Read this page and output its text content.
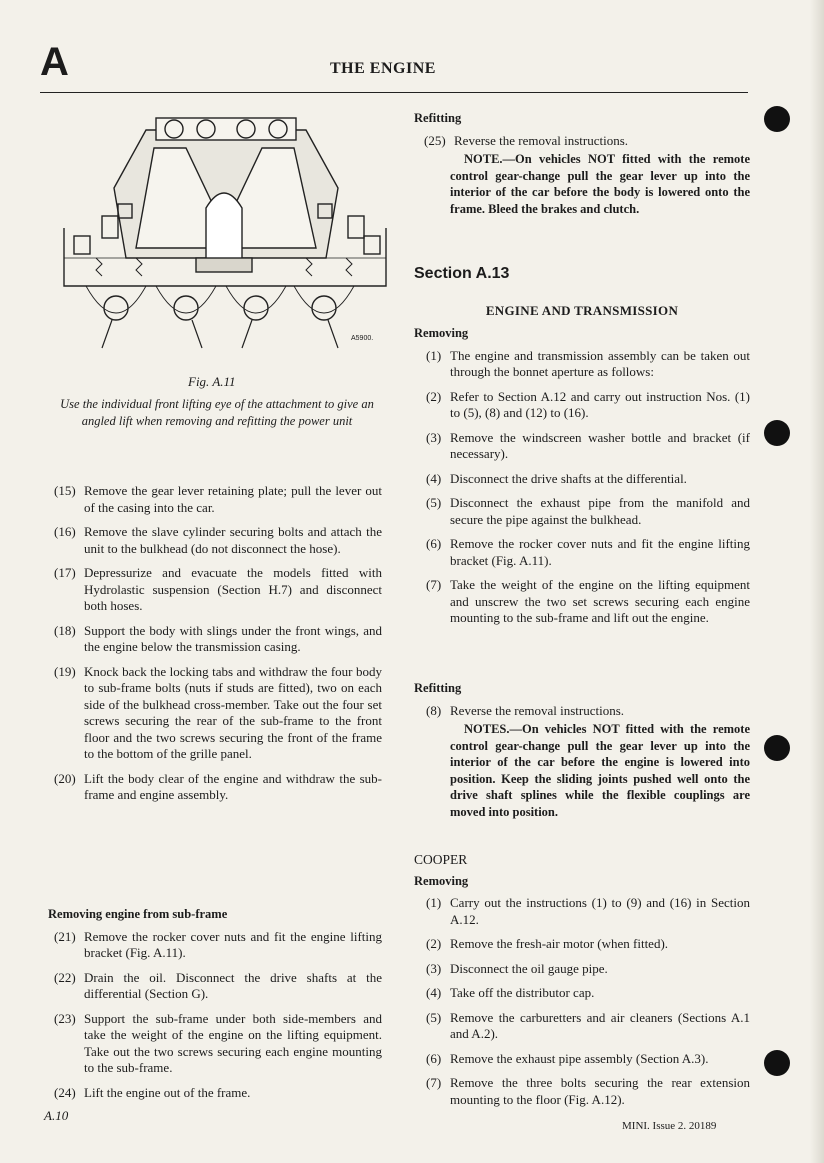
A	THE ENGINE
A5900.
Fig. A.11
Use the individual front lifting eye of the attachment to give an angled lift when removing and refitting the power unit
(15) Remove the gear lever retaining plate; pull the lever out of the casing into the car.
(16) Remove the slave cylinder securing bolts and attach the unit to the bulkhead (do not disconnect the hose).
(17) Depressurize and evacuate the models fitted with Hydrolastic suspension (Section H.7) and disconnect both hoses.
(18) Support the body with slings under the front wings, and the engine below the transmission casing.
(19) Knock back the locking tabs and withdraw the four body to sub-frame bolts (nuts if studs are fitted), two on each side of the bulkhead cross-member. Take out the four set screws securing the rear of the sub-frame to the front floor and the two screws securing the front of the frame to the bottom of the grille panel.
(20) Lift the body clear of the engine and withdraw the sub-frame and engine assembly.
Removing engine from sub-frame
(21) Remove the rocker cover nuts and fit the engine lifting bracket (Fig. A.11).
(22) Drain the oil. Disconnect the drive shafts at the differential (Section G).
(23) Support the sub-frame under both side-members and take the weight of the engine on the lifting equipment. Take out the two screws securing each engine mounting to the sub-frame.
(24) Lift the engine out of the frame.
Refitting
(25) Reverse the removal instructions.
NOTE.—On vehicles NOT fitted with the remote control gear-change pull the gear lever up into the interior of the car before the body is lowered onto the frame. Bleed the brakes and clutch.
Section A.13
ENGINE AND TRANSMISSION
Removing
(1) The engine and transmission assembly can be taken out through the bonnet aperture as follows:
(2) Refer to Section A.12 and carry out instruction Nos. (1) to (5), (8) and (12) to (16).
(3) Remove the windscreen washer bottle and bracket (if necessary).
(4) Disconnect the drive shafts at the differential.
(5) Disconnect the exhaust pipe from the manifold and secure the pipe against the bulkhead.
(6) Remove the rocker cover nuts and fit the engine lifting bracket (Fig. A.11).
(7) Take the weight of the engine on the lifting equipment and unscrew the two set screws securing each engine mounting to the sub-frame and lift out the engine.
Refitting
(8) Reverse the removal instructions.
NOTES.—On vehicles NOT fitted with the remote control gear-change pull the gear lever up into the interior of the car before the engine is lowered into position. Keep the sliding joints pushed well onto the drive shaft splines while the flexible couplings are moved into position.
COOPER
Removing
(1) Carry out the instructions (1) to (9) and (16) in Section A.12.
(2) Remove the fresh-air motor (when fitted).
(3) Disconnect the oil gauge pipe.
(4) Take off the distributor cap.
(5) Remove the carburetters and air cleaners (Sections A.1 and A.2).
(6) Remove the exhaust pipe assembly (Section A.3).
(7) Remove the three bolts securing the rear extension mounting to the floor (Fig. A.12).
A.10
MINI. Issue 2. 20189
